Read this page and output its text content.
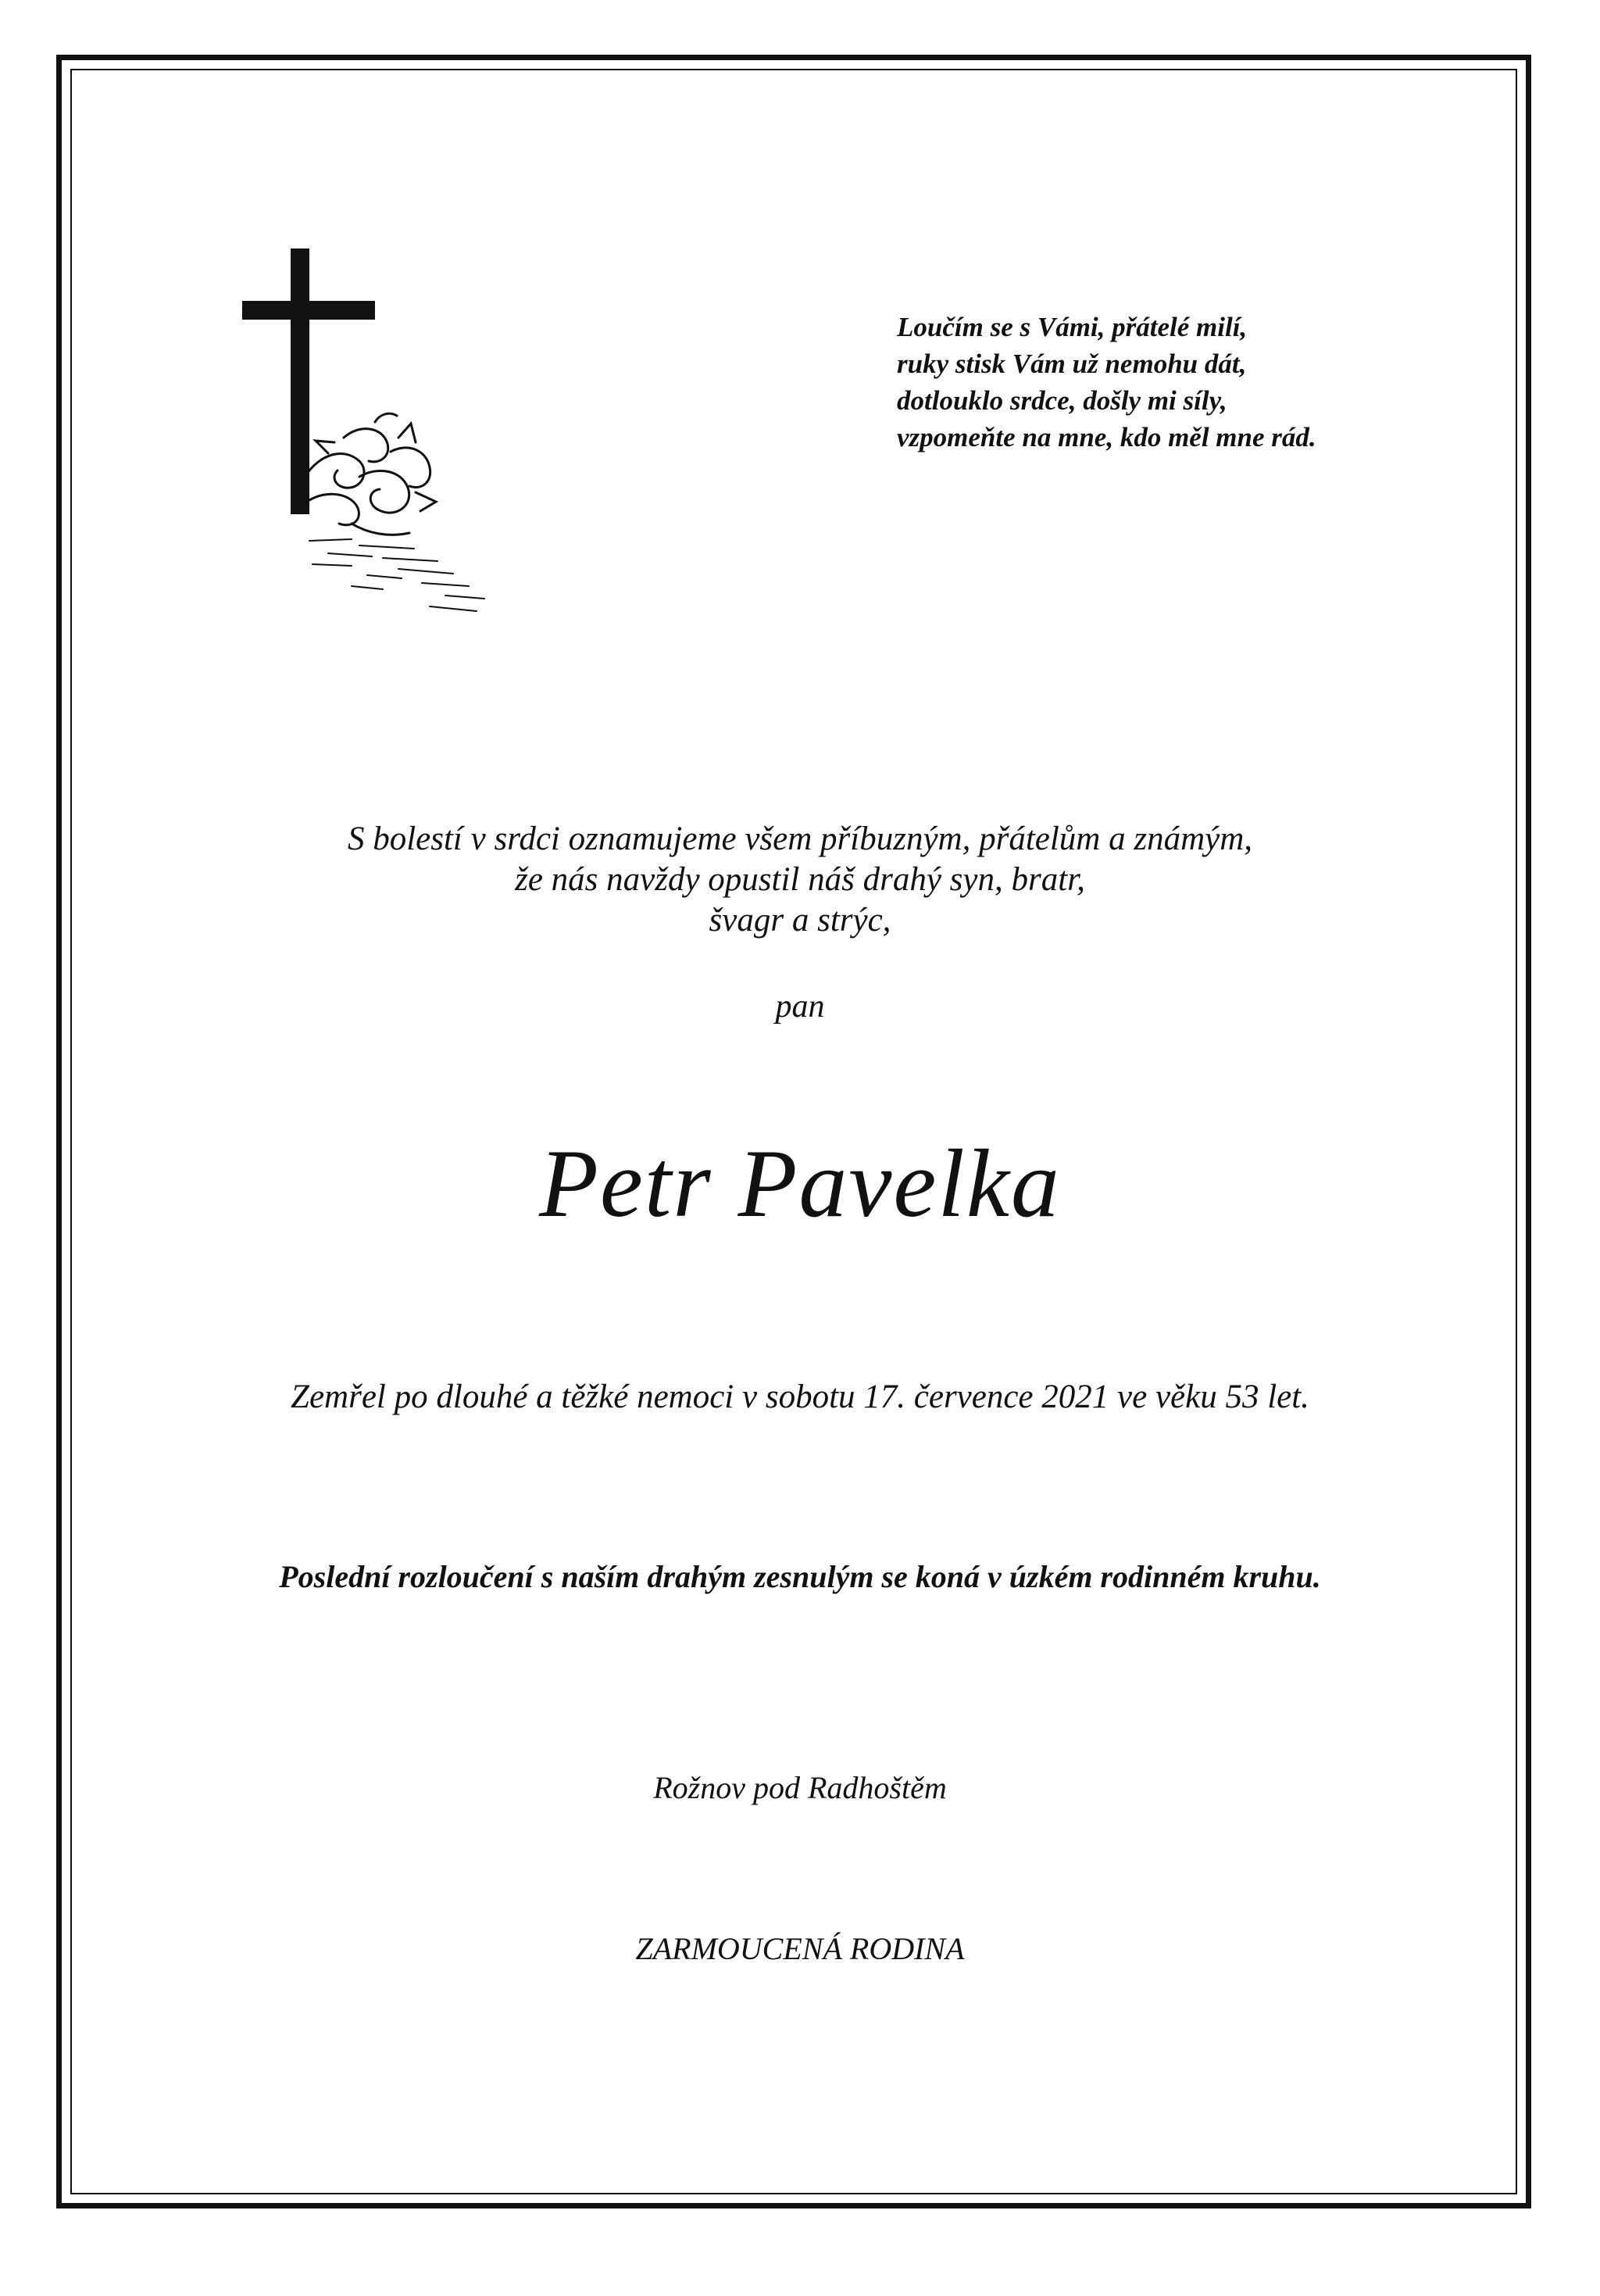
Loučím se s Vámi, přátelé milí,
ruky stisk Vám už nemohu dát,
dotlouklo srdce, došly mi síly,
vzpomeňte na mne, kdo měl mne rád.
S bolestí v srdci oznamujeme všem příbuzným, přátelům a známým,
že nás navždy opustil náš drahý syn, bratr,
švagr a strýc,
pan
Petr Pavelka
Zemřel po dlouhé a těžké nemoci v sobotu 17. července 2021 ve věku 53 let.
Poslední rozloučení s naším drahým zesnulým se koná v úzkém rodinném kruhu.
Rožnov pod Radhoštěm
ZARMOUCENÁ RODINA
